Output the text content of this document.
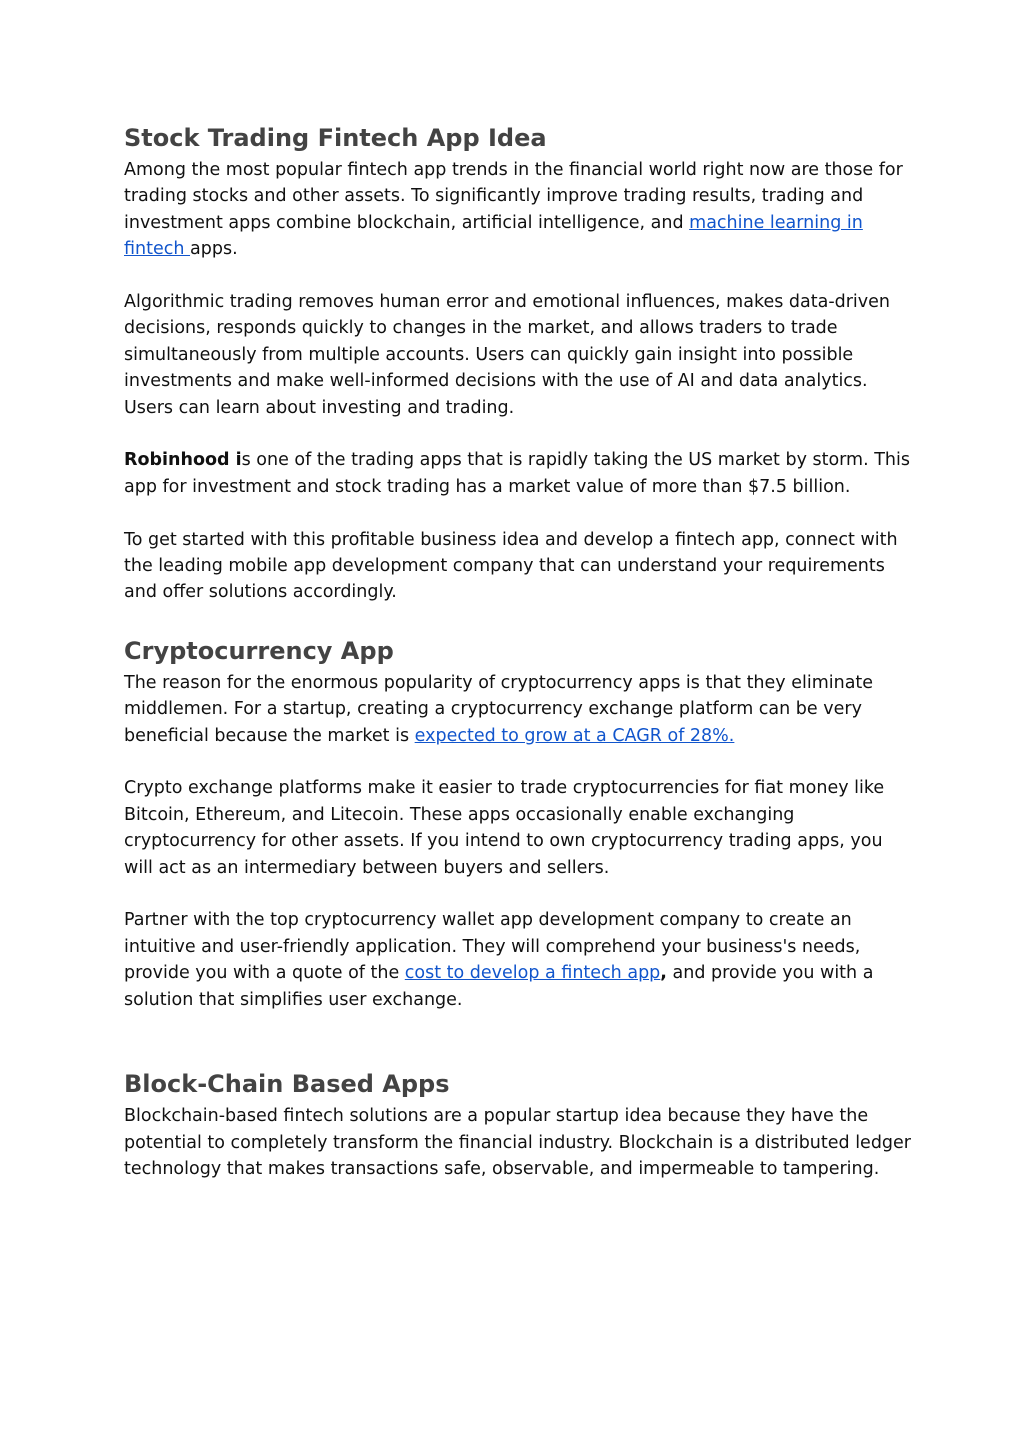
Stock Trading Fintech App Idea

Among the most popular fintech app trends in the financial world right now are those for trading stocks and other assets. To significantly improve trading results, trading and investment apps combine blockchain, artificial intelligence, and machine learning in fintech apps.

Algorithmic trading removes human error and emotional influences, makes data-driven decisions, responds quickly to changes in the market, and allows traders to trade simultaneously from multiple accounts. Users can quickly gain insight into possible investments and make well-informed decisions with the use of AI and data analytics. Users can learn about investing and trading.

Robinhood is one of the trading apps that is rapidly taking the US market by storm. This app for investment and stock trading has a market value of more than $7.5 billion.

To get started with this profitable business idea and develop a fintech app, connect with the leading mobile app development company that can understand your requirements and offer solutions accordingly.

Cryptocurrency App

The reason for the enormous popularity of cryptocurrency apps is that they eliminate middlemen. For a startup, creating a cryptocurrency exchange platform can be very beneficial because the market is expected to grow at a CAGR of 28%.

Crypto exchange platforms make it easier to trade cryptocurrencies for fiat money like Bitcoin, Ethereum, and Litecoin. These apps occasionally enable exchanging cryptocurrency for other assets. If you intend to own cryptocurrency trading apps, you will act as an intermediary between buyers and sellers.

Partner with the top cryptocurrency wallet app development company to create an intuitive and user-friendly application. They will comprehend your business's needs, provide you with a quote of the cost to develop a fintech app, and provide you with a solution that simplifies user exchange.

Block-Chain Based Apps

Blockchain-based fintech solutions are a popular startup idea because they have the potential to completely transform the financial industry. Blockchain is a distributed ledger technology that makes transactions safe, observable, and impermeable to tampering.
